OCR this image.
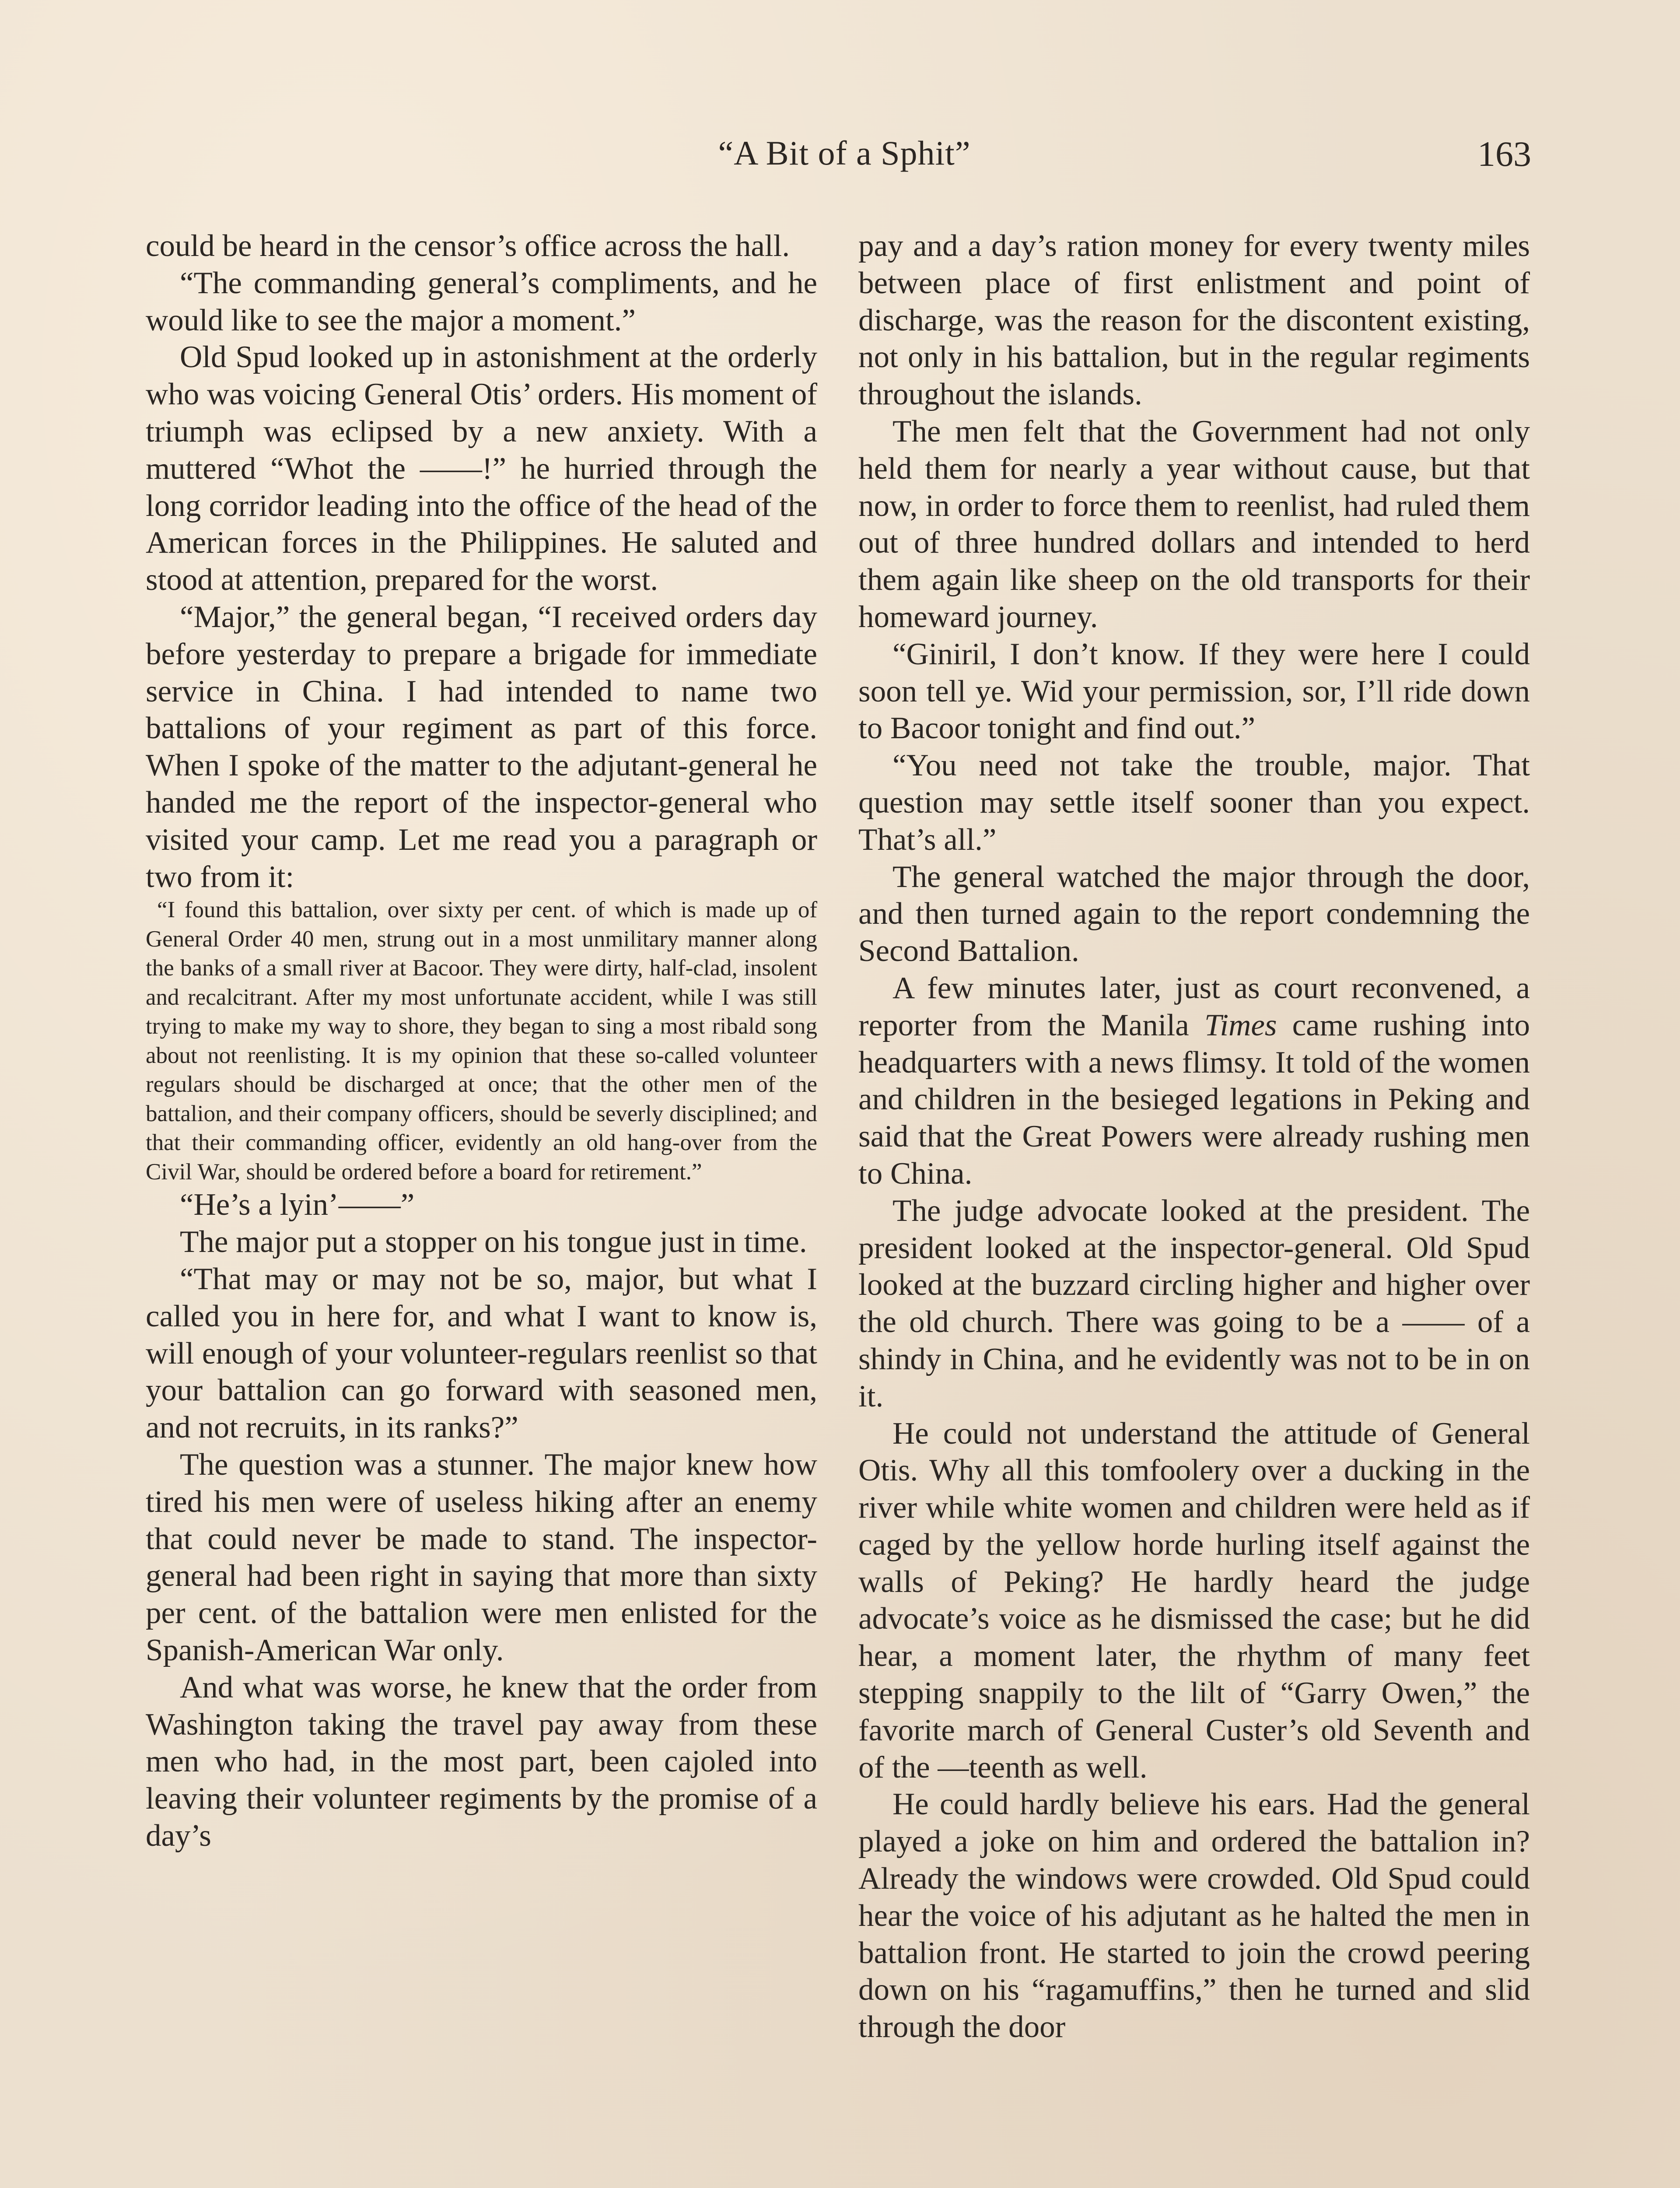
“A Bit of a Sphit”	163

could be heard in the censor’s office across the hall.

“The commanding general’s compliments, and he would like to see the major a moment.”

Old Spud looked up in astonishment at the orderly who was voicing General Otis’ orders. His moment of triumph was eclipsed by a new anxiety. With a muttered “Whot the ——!” he hurried through the long corridor leading into the office of the head of the American forces in the Philippines. He saluted and stood at attention, prepared for the worst.

“Major,” the general began, “I received orders day before yesterday to prepare a brigade for immediate service in China. I had intended to name two battalions of your regiment as part of this force. When I spoke of the matter to the adjutant-general he handed me the report of the inspector-general who visited your camp. Let me read you a paragraph or two from it:

“I found this battalion, over sixty per cent. of which is made up of General Order 40 men, strung out in a most unmilitary manner along the banks of a small river at Bacoor. They were dirty, half-clad, insolent and recalcitrant. After my most unfortunate accident, while I was still trying to make my way to shore, they began to sing a most ribald song about not reenlisting. It is my opinion that these so-called volunteer regulars should be discharged at once; that the other men of the battalion, and their company officers, should be severly disciplined; and that their commanding officer, evidently an old hang-over from the Civil War, should be ordered before a board for retirement.”

“He’s a lyin’——”

The major put a stopper on his tongue just in time.

“That may or may not be so, major, but what I called you in here for, and what I want to know is, will enough of your volunteer-regulars reenlist so that your battalion can go forward with seasoned men, and not recruits, in its ranks?”

The question was a stunner. The major knew how tired his men were of useless hiking after an enemy that could never be made to stand. The inspector-general had been right in saying that more than sixty per cent. of the battalion were men enlisted for the Spanish-American War only.

And what was worse, he knew that the order from Washington taking the travel pay away from these men who had, in the most part, been cajoled into leaving their volunteer regiments by the promise of a day’s

pay and a day’s ration money for every twenty miles between place of first enlistment and point of discharge, was the reason for the discontent existing, not only in his battalion, but in the regular regiments throughout the islands.

The men felt that the Government had not only held them for nearly a year without cause, but that now, in order to force them to reenlist, had ruled them out of three hundred dollars and intended to herd them again like sheep on the old transports for their homeward journey.

“Giniril, I don’t know. If they were here I could soon tell ye. Wid your permission, sor, I’ll ride down to Bacoor tonight and find out.”

“You need not take the trouble, major. That question may settle itself sooner than you expect. That’s all.”

The general watched the major through the door, and then turned again to the report condemning the Second Battalion.

A few minutes later, just as court reconvened, a reporter from the Manila Times came rushing into headquarters with a news flimsy. It told of the women and children in the besieged legations in Peking and said that the Great Powers were already rushing men to China.

The judge advocate looked at the president. The president looked at the inspector-general. Old Spud looked at the buzzard circling higher and higher over the old church. There was going to be a —— of a shindy in China, and he evidently was not to be in on it.

He could not understand the attitude of General Otis. Why all this tomfoolery over a ducking in the river while white women and children were held as if caged by the yellow horde hurling itself against the walls of Peking? He hardly heard the judge advocate’s voice as he dismissed the case; but he did hear, a moment later, the rhythm of many feet stepping snappily to the lilt of “Garry Owen,” the favorite march of General Custer’s old Seventh and of the —teenth as well.

He could hardly believe his ears. Had the general played a joke on him and ordered the battalion in? Already the windows were crowded. Old Spud could hear the voice of his adjutant as he halted the men in battalion front. He started to join the crowd peering down on his “ragamuffins,” then he turned and slid through the door
